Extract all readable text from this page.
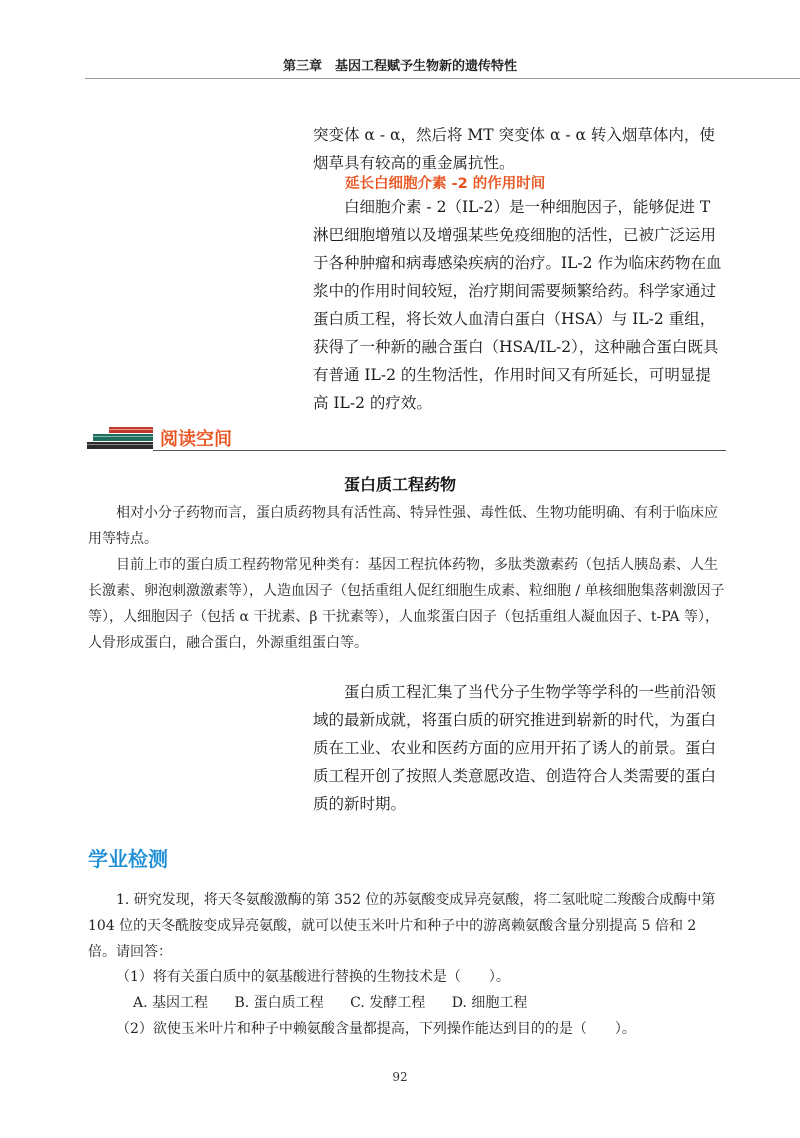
第三章　基因工程赋予生物新的遗传特性

突变体 α - α，然后将 MT 突变体 α - α 转入烟草体内，使烟草具有较高的重金属抗性。

延长白细胞介素 -2 的作用时间

白细胞介素 - 2（IL-2）是一种细胞因子，能够促进 T 淋巴细胞增殖以及增强某些免疫细胞的活性，已被广泛运用于各种肿瘤和病毒感染疾病的治疗。IL-2 作为临床药物在血浆中的作用时间较短，治疗期间需要频繁给药。科学家通过蛋白质工程，将长效人血清白蛋白（HSA）与 IL-2 重组，获得了一种新的融合蛋白（HSA/IL-2），这种融合蛋白既具有普通 IL-2 的生物活性，作用时间又有所延长，可明显提高 IL-2 的疗效。

阅读空间
蛋白质工程药物

相对小分子药物而言，蛋白质药物具有活性高、特异性强、毒性低、生物功能明确、有利于临床应用等特点。

目前上市的蛋白质工程药物常见种类有：基因工程抗体药物，多肽类激素药（包括人胰岛素、人生长激素、卵泡刺激激素等），人造血因子（包括重组人促红细胞生成素、粒细胞 / 单核细胞集落刺激因子等），人细胞因子（包括 α 干扰素、β 干扰素等），人血浆蛋白因子（包括重组人凝血因子、t-PA 等），人骨形成蛋白，融合蛋白，外源重组蛋白等。

蛋白质工程汇集了当代分子生物学等学科的一些前沿领域的最新成就，将蛋白质的研究推进到崭新的时代，为蛋白质在工业、农业和医药方面的应用开拓了诱人的前景。蛋白质工程开创了按照人类意愿改造、创造符合人类需要的蛋白质的新时期。

学业检测

1. 研究发现，将天冬氨酸激酶的第 352 位的苏氨酸变成异亮氨酸，将二氢吡啶二羧酸合成酶中第 104 位的天冬酰胺变成异亮氨酸，就可以使玉米叶片和种子中的游离赖氨酸含量分别提高 5 倍和 2 倍。请回答：

（1）将有关蛋白质中的氨基酸进行替换的生物技术是（　　）。

A. 基因工程 B. 蛋白质工程 C. 发酵工程 D. 细胞工程

（2）欲使玉米叶片和种子中赖氨酸含量都提高，下列操作能达到目的的是（　　）。

92
